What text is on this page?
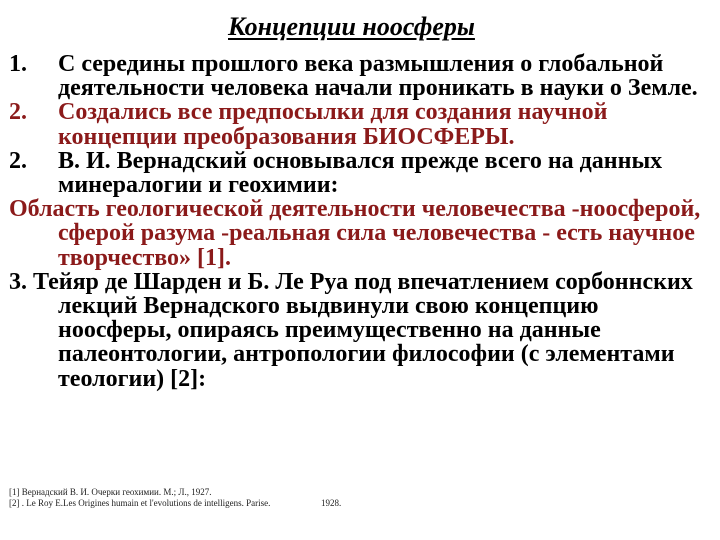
Концепции ноосферы
1.	С середины прошлого века размышления о глобальной деятельности человека начали проникать в науки о Земле.
2.	Создались все предпосылки для создания научной концепции преобразования БИОСФЕРЫ.
2.	В. И. Вернадский основывался прежде всего на данных минералогии и геохимии:
Область геологической деятельности человечества -ноосферой, сферой разума -реальная сила человечества - есть научное творчество» [1].
3. Тейяр де Шарден и Б. Ле Руа под впечатлением сорбоннских лекций Вернадского выдвинули свою концепцию ноосферы, опираясь преимущественно на данные палеонтологии, антропологии философии (с элементами теологии) [2]:
[1] Вернадский В. И. Очерки геохимии. М.; Л., 1927.
[2] . Le Roy E.Les Origines humain et l'evolutions de intelligens. Parise.	1928.
